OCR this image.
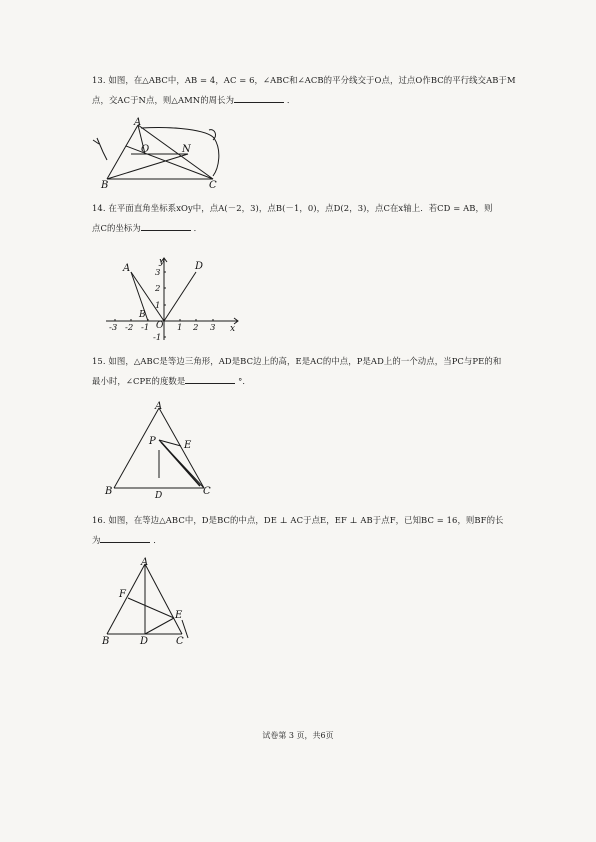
13. 如图，在△ABC中，AB = 4，AC = 6，∠ABC和∠ACB的平分线交于O点，过点O作BC的平行线交AB于M
点，交AC于N点，则△AMN的周长为	．
A
O	N
B	C
14. 在平面直角坐标系xOy中，点A(－2，3)，点B(－1，0)，点D(2，3)，点C在x轴上．若CD = AB，则
点C的坐标为	．
y
x
O
3
2
1
-1
-3 -2 -1	1 2 3
A
B
D
15. 如图，△ABC是等边三角形，AD是BC边上的高，E是AC的中点，P是AD上的一个动点，当PC与PE的和
最小时，∠CPE的度数是	°．
A
P	E
B	C
D
16. 如图，在等边△ABC中，D是BC的中点，DE ⊥ AC于点E，EF ⊥ AB于点F，已知BC = 16，则BF的长
为	．
A
F
E
B	D	C
试卷第 3 页，共6页
